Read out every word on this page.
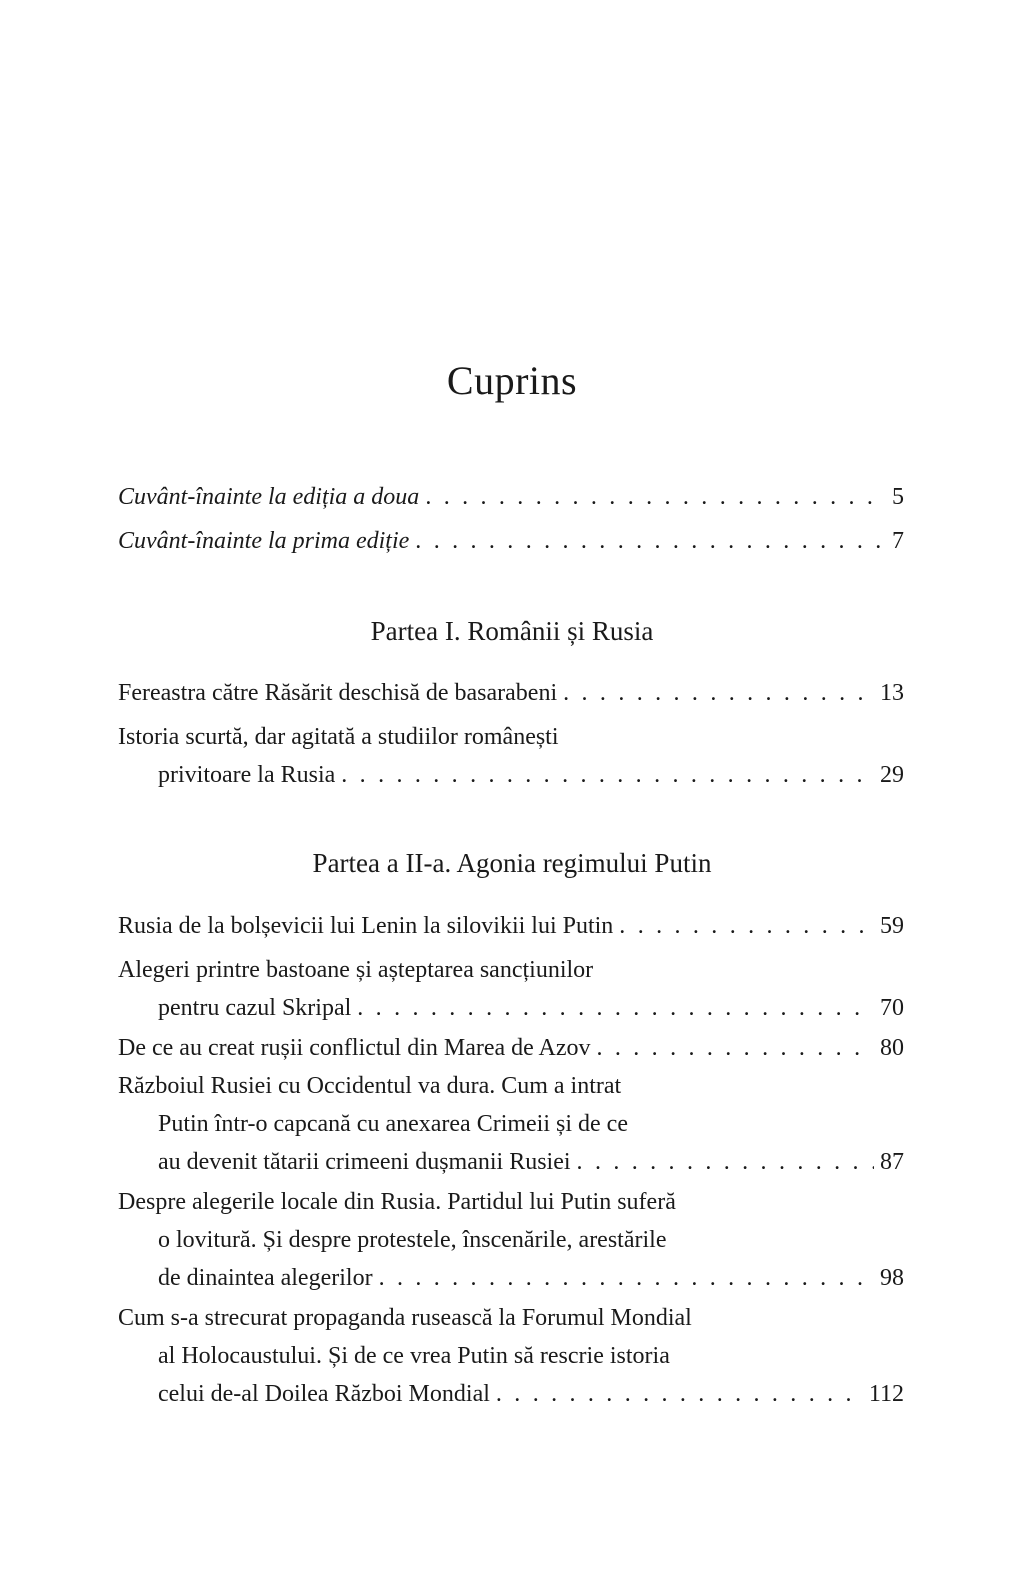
Cuprins
Cuvânt-înainte la ediția a doua . . .	5
Cuvânt-înainte la prima ediție . . .	7
Partea I. Românii și Rusia
Fereastra către Răsărit deschisă de basarabeni . . .	13
Istoria scurtă, dar agitată a studiilor românești
privitoare la Rusia . . .	29
Partea a II-a. Agonia regimului Putin
Rusia de la bolșevicii lui Lenin la silovikii lui Putin . . .	59
Alegeri printre bastoane și așteptarea sancțiunilor
pentru cazul Skripal . . .	70
De ce au creat rușii conflictul din Marea de Azov . . .	80
Războiul Rusiei cu Occidentul va dura. Cum a intrat
Putin într-o capcană cu anexarea Crimeii și de ce
au devenit tătarii crimeeni dușmanii Rusiei . . .	87
Despre alegerile locale din Rusia. Partidul lui Putin suferă
o lovitură. Și despre protestele, înscenările, arestările
de dinaintea alegerilor . . .	98
Cum s-a strecurat propaganda rusească la Forumul Mondial
al Holocaustului. Și de ce vrea Putin să rescrie istoria
celui de-al Doilea Război Mondial . . .	112
